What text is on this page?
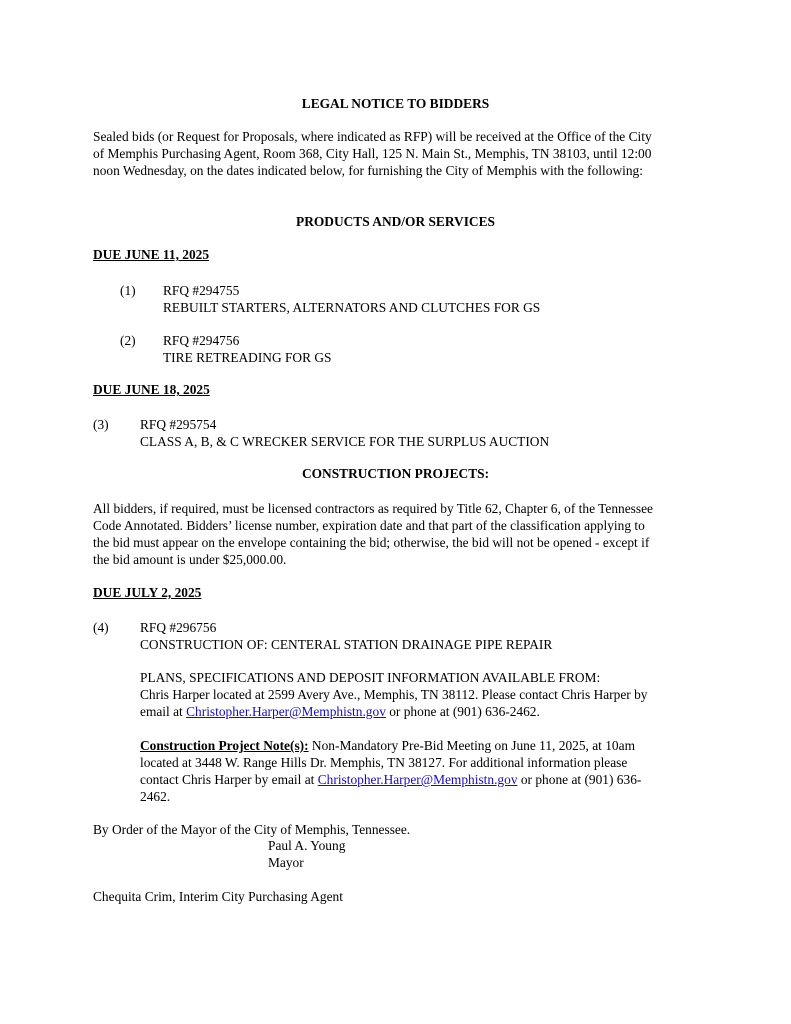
LEGAL NOTICE TO BIDDERS
Sealed bids (or Request for Proposals, where indicated as RFP) will be received at the Office of the City
of Memphis Purchasing Agent, Room 368, City Hall, 125 N. Main St., Memphis, TN 38103, until 12:00
noon Wednesday, on the dates indicated below, for furnishing the City of Memphis with the following:
PRODUCTS AND/OR SERVICES
DUE JUNE 11, 2025
(1) RFQ #294755
REBUILT STARTERS, ALTERNATORS AND CLUTCHES FOR GS
(2) RFQ #294756
TIRE RETREADING FOR GS
DUE JUNE 18, 2025
(3) RFQ #295754
CLASS A, B, & C WRECKER SERVICE FOR THE SURPLUS AUCTION
CONSTRUCTION PROJECTS:
All bidders, if required, must be licensed contractors as required by Title 62, Chapter 6, of the Tennessee
Code Annotated. Bidders’ license number, expiration date and that part of the classification applying to
the bid must appear on the envelope containing the bid; otherwise, the bid will not be opened - except if
the bid amount is under $25,000.00.
DUE JULY 2, 2025
(4) RFQ #296756
CONSTRUCTION OF: CENTERAL STATION DRAINAGE PIPE REPAIR
PLANS, SPECIFICATIONS AND DEPOSIT INFORMATION AVAILABLE FROM:
Chris Harper located at 2599 Avery Ave., Memphis, TN 38112. Please contact Chris Harper by
email at Christopher.Harper@Memphistn.gov or phone at (901) 636-2462.
Construction Project Note(s): Non-Mandatory Pre-Bid Meeting on June 11, 2025, at 10am
located at 3448 W. Range Hills Dr. Memphis, TN 38127. For additional information please
contact Chris Harper by email at Christopher.Harper@Memphistn.gov or phone at (901) 636-
2462.
By Order of the Mayor of the City of Memphis, Tennessee.
Paul A. Young
Mayor
Chequita Crim, Interim City Purchasing Agent
